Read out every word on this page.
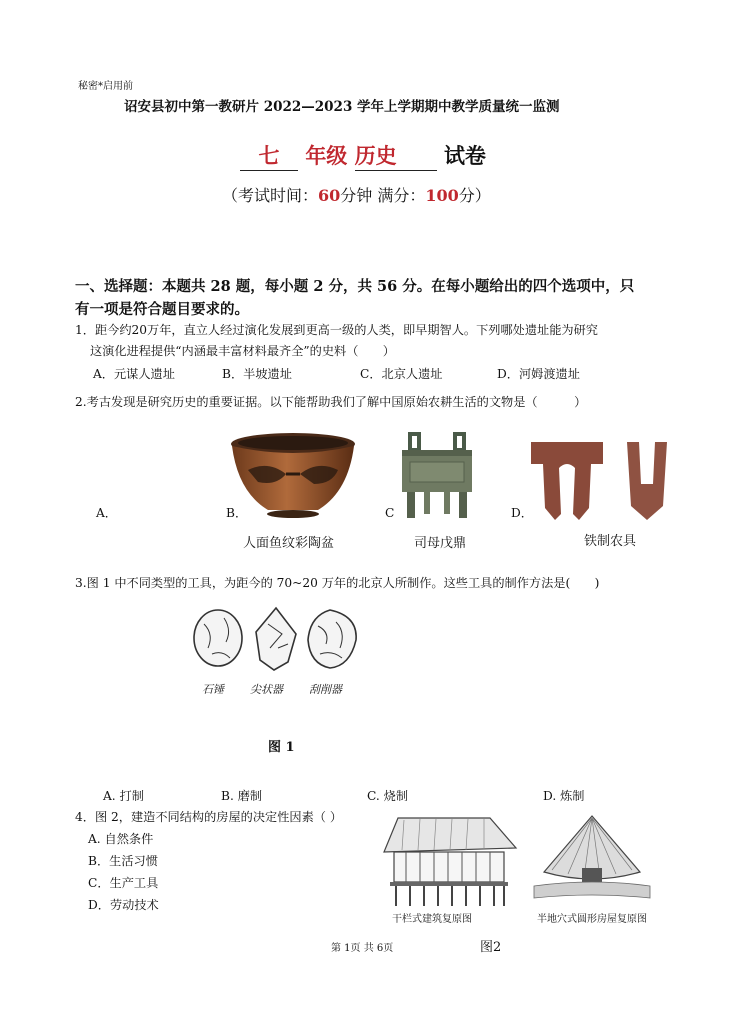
秘密*启用前
诏安县初中第一教研片 2022—2023 学年上学期期中教学质量统一监测
七 年级 历史 试卷
（考试时间：60分钟 满分：100分）
一、选择题：本题共 28 题，每小题 2 分，共 56 分。在每小题给出的四个选项中，只
有一项是符合题目要求的。
1．距今约20万年，直立人经过演化发展到更高一级的人类，即早期智人。下列哪处遗址能为研究
这演化进程提供“内涵最丰富材料最齐全”的史料（　　）
A．元谋人遗址	B．半坡遗址	C．北京人遗址	D．河姆渡遗址
2.考古发现是研究历史的重要证据。以下能帮助我们了解中国原始农耕生活的文物是（　　　）
A．	B．	C	D．
人面鱼纹彩陶盆	司母戊鼎	铁制农具
3.图 1 中不同类型的工具，为距今的 70~20 万年的北京人所制作。这些工具的制作方法是(　　)
石锤 尖状器 刮削器
图 1
A. 打制	B. 磨制	C. 烧制	D. 炼制
4．图 2，建造不同结构的房屋的决定性因素（ ）
A. 自然条件
B．生活习惯
C．生产工具
D．劳动技术
干栏式建筑复原图	半地穴式圆形房屋复原图
第 1页 共 6页	图2
